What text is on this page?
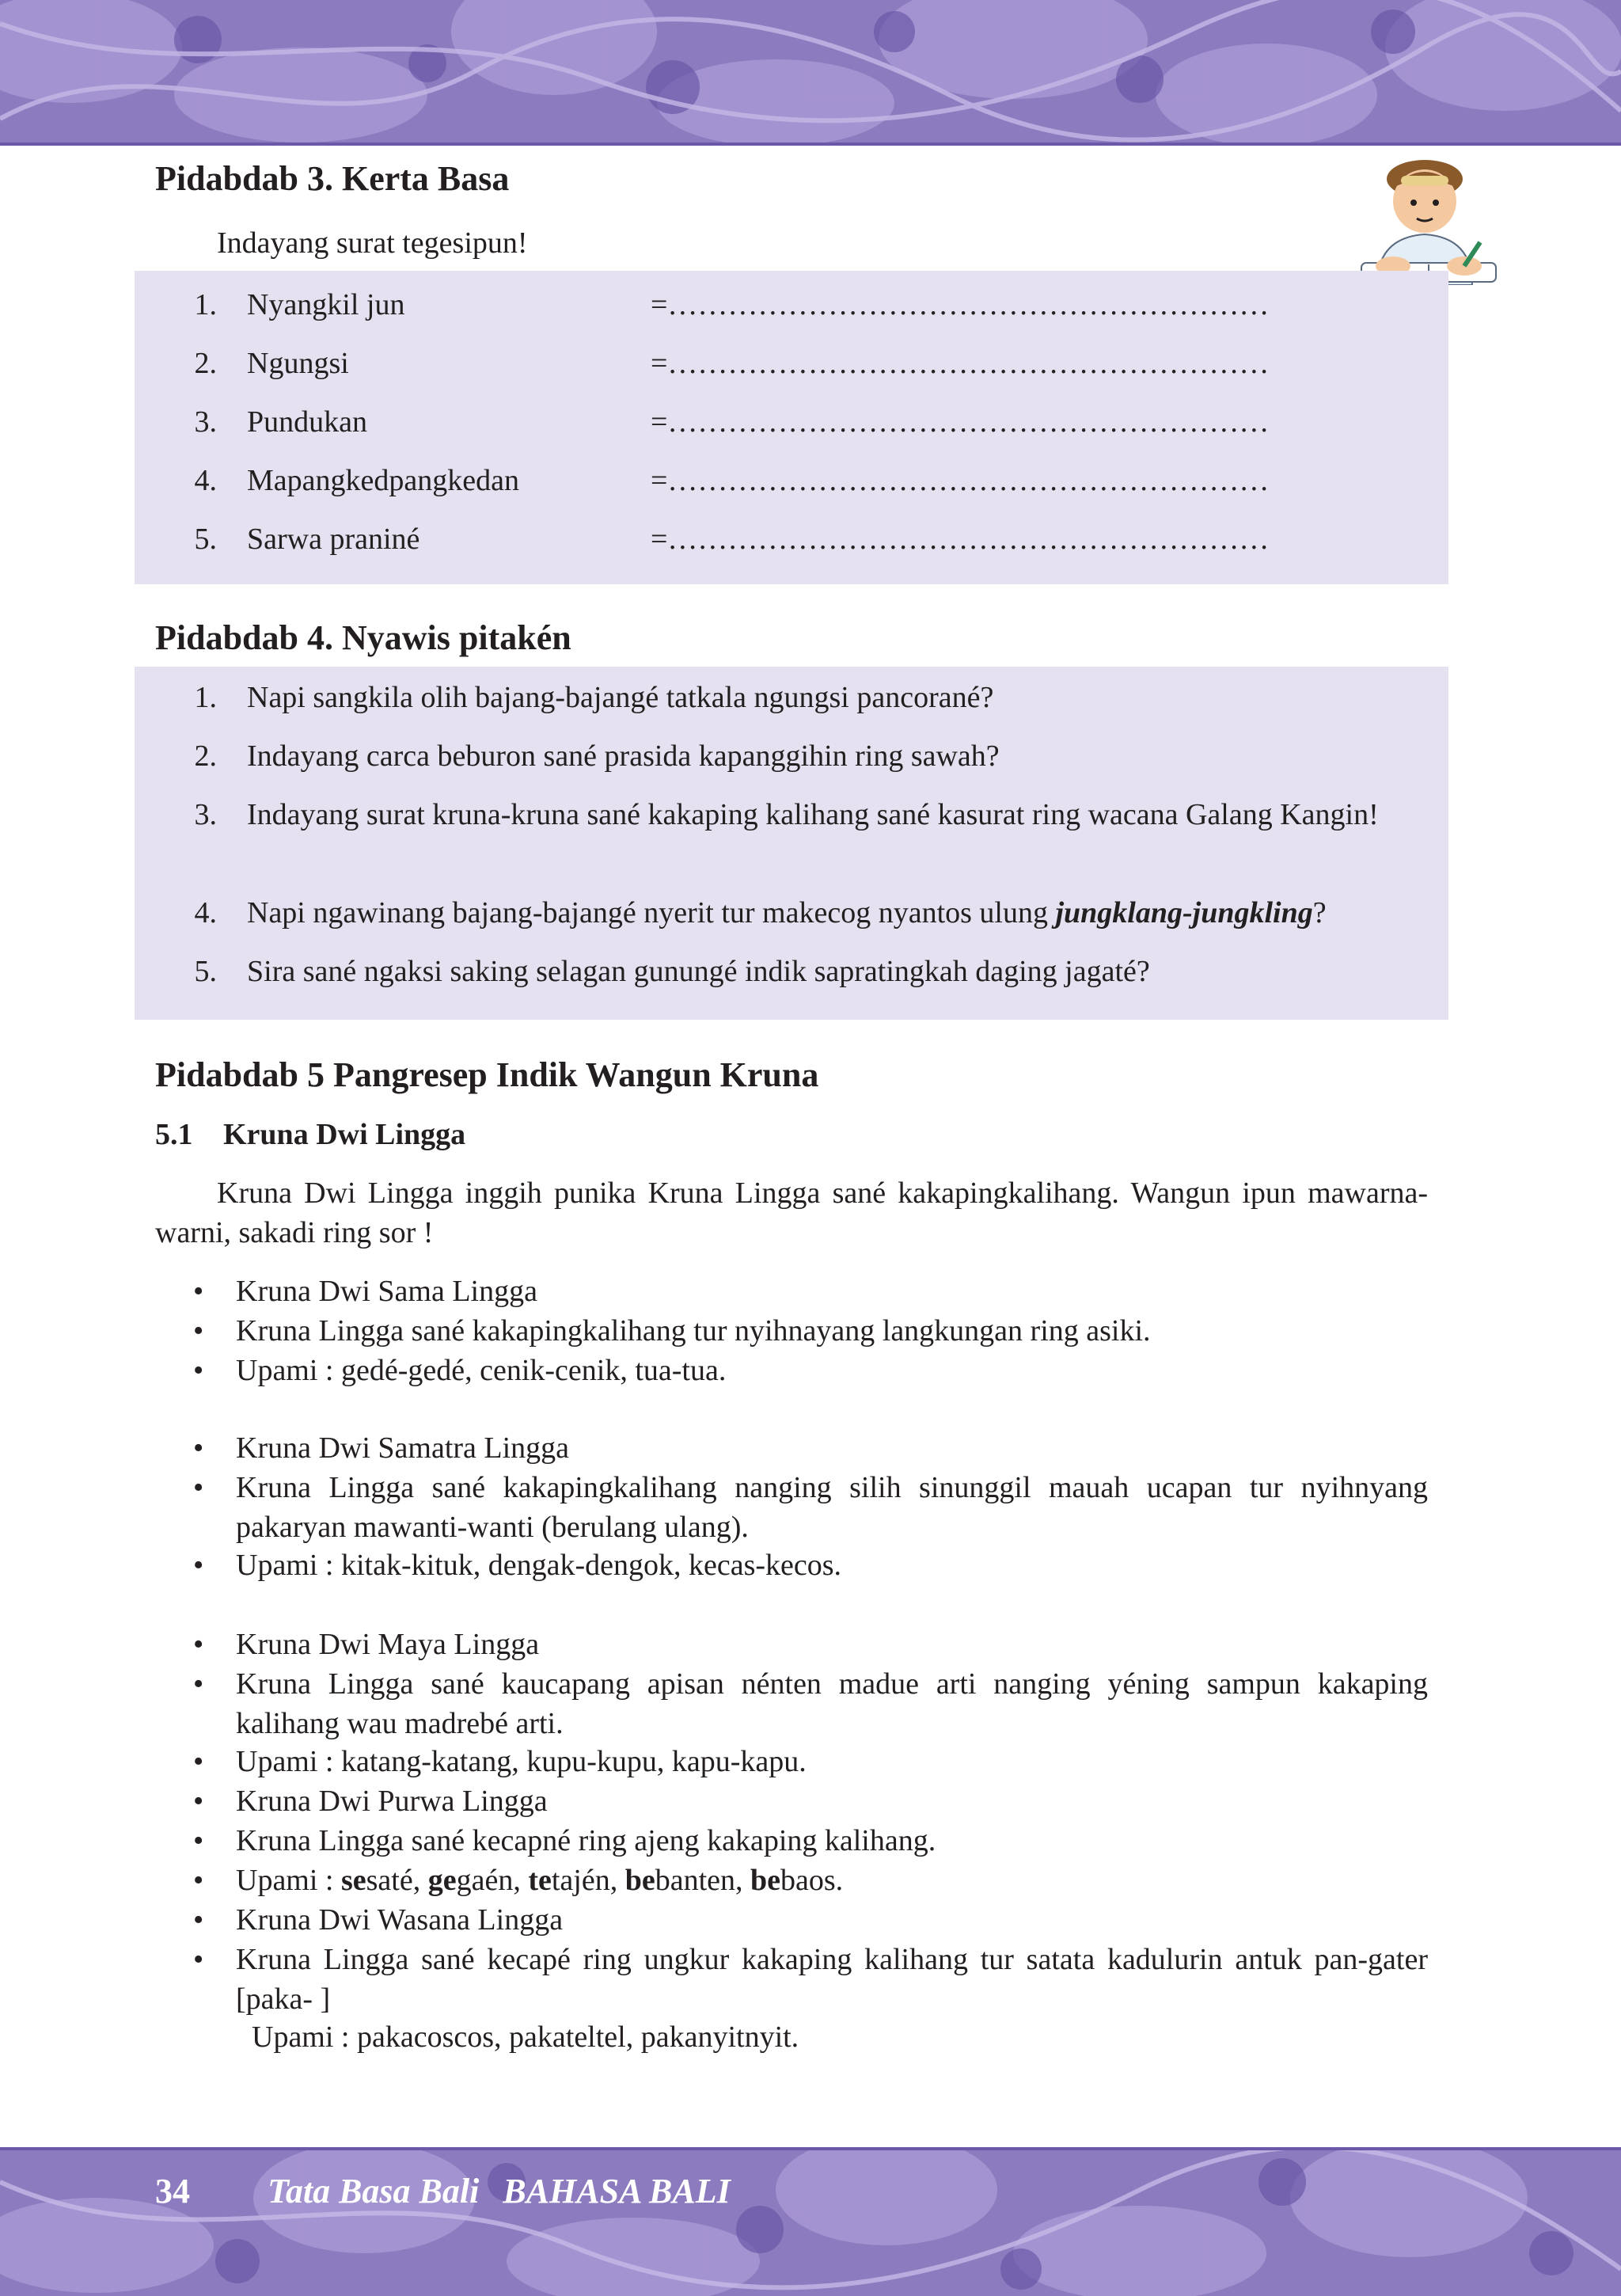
Pidabdab 3. Kerta Basa
Indayang surat tegesipun!
1. Nyangkil jun	=……………………………………………………
2. Ngungsi	=……………………………………………………
3. Pundukan	=……………………………………………………
4. Mapangkedpangkedan	=……………………………………………………
5. Sarwa praniné	=……………………………………………………
Pidabdab 4. Nyawis pitakén
1. Napi sangkila olih bajang-bajangé tatkala ngungsi pancorané?
2. Indayang carca beburon sané prasida kapanggihin ring sawah?
3. Indayang surat kruna-kruna sané kakaping kalihang sané kasurat ring wacana Galang Kangin!
4. Napi ngawinang bajang-bajangé nyerit tur makecog nyantos ulung jungklang-jungkling?
5. Sira sané ngaksi saking selagan gunungé indik sapratingkah daging jagaté?
Pidabdab 5 Pangresep Indik Wangun Kruna
5.1 Kruna Dwi Lingga
Kruna Dwi Lingga inggih punika Kruna Lingga sané kakapingkalihang. Wangun ipun mawarna-warni, sakadi ring sor !
• Kruna Dwi Sama Lingga
• Kruna Lingga sané kakapingkalihang tur nyihnayang langkungan ring asiki.
• Upami : gedé-gedé, cenik-cenik, tua-tua.
• Kruna Dwi Samatra Lingga
• Kruna Lingga sané kakapingkalihang nanging silih sinunggil mauah ucapan tur nyihnyang pakaryan mawanti-wanti (berulang ulang).
• Upami : kitak-kituk, dengak-dengok, kecas-kecos.
• Kruna Dwi Maya Lingga
• Kruna Lingga sané kaucapang apisan nénten madue arti nanging yéning sampun kakaping kalihang wau madrebé arti.
• Upami : katang-katang, kupu-kupu, kapu-kapu.
• Kruna Dwi Purwa Lingga
• Kruna Lingga sané kecapné ring ajeng kakaping kalihang.
• Upami : sesaté, gegaén, tetajén, bebanten, bebaos.
• Kruna Dwi Wasana Lingga
• Kruna Lingga sané kecapé ring ungkur kakaping kalihang tur satata kadulurin antuk pan-gater [paka- ]
Upami : pakacoscos, pakateltel, pakanyitnyit.
34 Tata Basa Bali BAHASA BALI
